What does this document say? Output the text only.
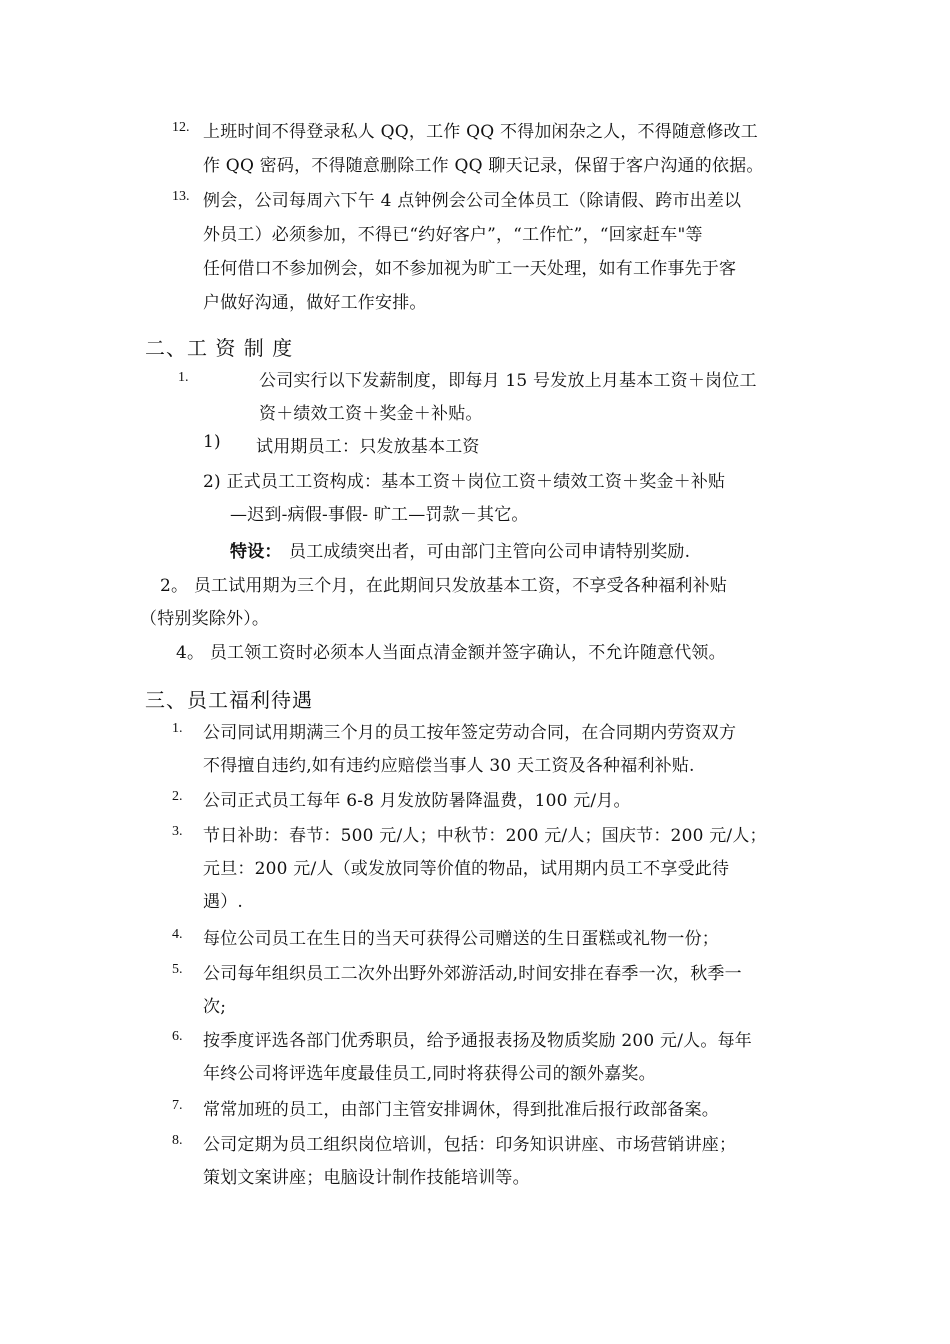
12. 上班时间不得登录私人 QQ，工作 QQ 不得加闲杂之人，不得随意修改工
作 QQ 密码，不得随意删除工作 QQ 聊天记录，保留于客户沟通的依据。
13. 例会，公司每周六下午 4 点钟例会公司全体员工（除请假、跨市出差以
外员工）必须参加，不得已“约好客户”，“工作忙”，“回家赶车"等
任何借口不参加例会，如不参加视为旷工一天处理，如有工作事先于客
户做好沟通，做好工作安排。
二、工 资 制 度
1.	公司实行以下发薪制度，即每月 15 号发放上月基本工资＋岗位工
资＋绩效工资＋奖金＋补贴。
1) 试用期员工：只发放基本工资
2) 正式员工工资构成：基本工资＋岗位工资＋绩效工资＋奖金＋补贴
—迟到-病假-事假- 旷工—罚款－其它。
特设： 员工成绩突出者，可由部门主管向公司申请特别奖励.
2。 员工试用期为三个月，在此期间只发放基本工资，不享受各种福利补贴
（特别奖除外）。
4。 员工领工资时必须本人当面点清金额并签字确认，不允许随意代领。
三、员工福利待遇
1. 公司同试用期满三个月的员工按年签定劳动合同，在合同期内劳资双方
不得擅自违约,如有违约应赔偿当事人 30 天工资及各种福利补贴.
2. 公司正式员工每年 6-8 月发放防暑降温费，100 元/月。
3. 节日补助：春节：500 元/人；中秋节：200 元/人；国庆节：200 元/人；
元旦：200 元/人（或发放同等价值的物品，试用期内员工不享受此待
遇）.
4. 每位公司员工在生日的当天可获得公司赠送的生日蛋糕或礼物一份；
5. 公司每年组织员工二次外出野外郊游活动,时间安排在春季一次，秋季一
次;
6. 按季度评选各部门优秀职员，给予通报表扬及物质奖励 200 元/人。每年
年终公司将评选年度最佳员工,同时将获得公司的额外嘉奖。
7. 常常加班的员工，由部门主管安排调休，得到批准后报行政部备案。
8. 公司定期为员工组织岗位培训，包括：印务知识讲座、市场营销讲座；
策划文案讲座；电脑设计制作技能培训等。
